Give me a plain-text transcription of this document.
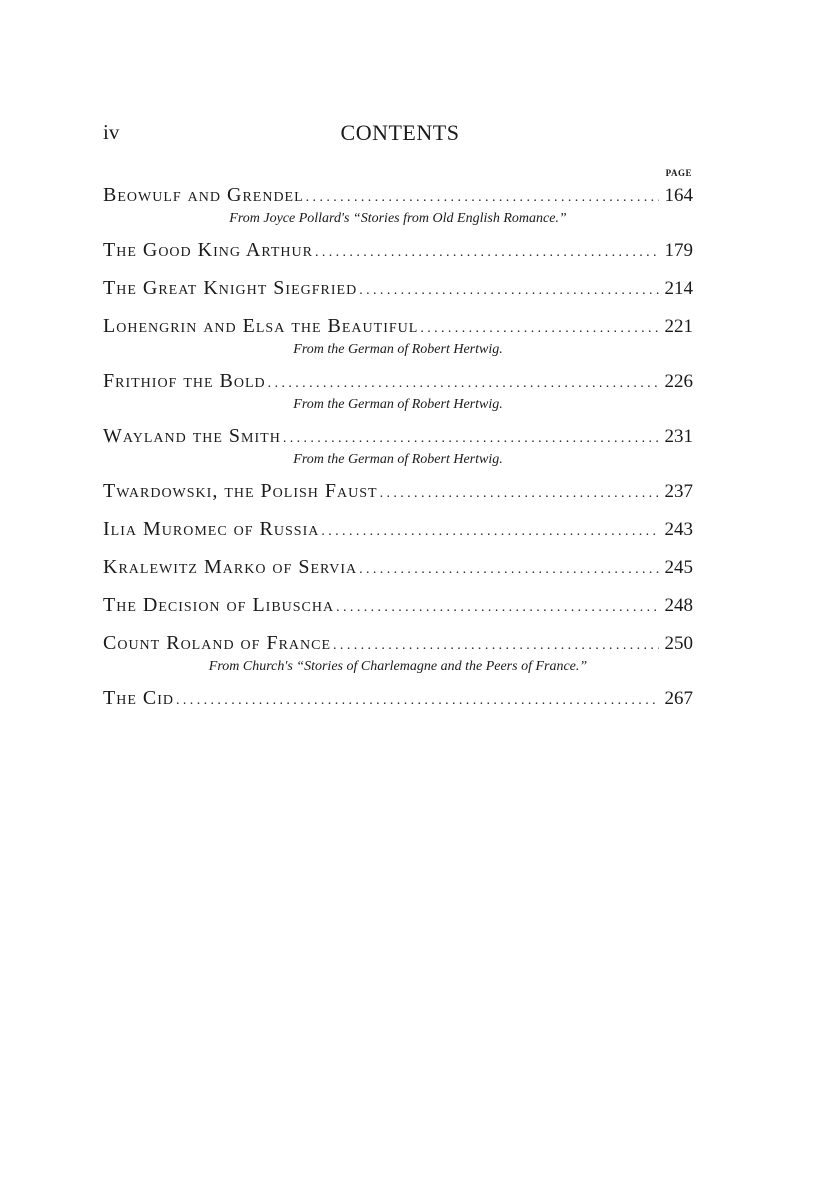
iv	CONTENTS
PAGE
Beowulf and Grendel .....	164
From Joyce Pollard's “Stories from Old English Romance.”
The Good King Arthur .....	179
The Great Knight Siegfried .....	214
Lohengrin and Elsa the Beautiful .....	221
From the German of Robert Hertwig.
Frithiof the Bold .....	226
From the German of Robert Hertwig.
Wayland the Smith .....	231
From the German of Robert Hertwig.
Twardowski, the Polish Faust .....	237
Ilia Muromec of Russia .....	243
Kralewitz Marko of Servia .....	245
The Decision of Libuscha .....	248
Count Roland of France .....	250
From Church's “Stories of Charlemagne and the Peers of France.”
The Cid .....	267
